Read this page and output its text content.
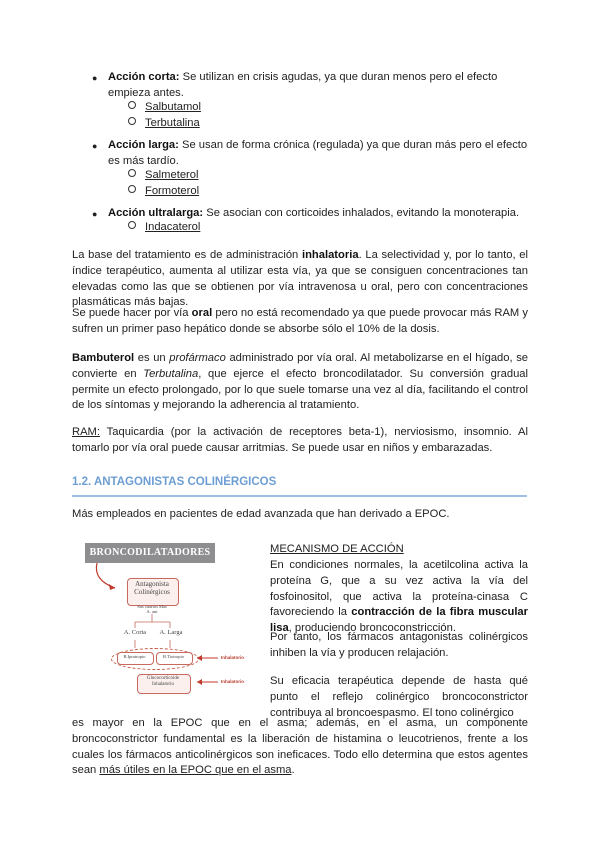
● Acción corta: Se utilizan en crisis agudas, ya que duran menos pero el efecto
empieza antes.
Salbutamol
Terbutalina
● Acción larga: Se usan de forma crónica (regulada) ya que duran más pero el efecto
es más tardío.
Salmeterol
Formoterol
● Acción ultralarga: Se asocian con corticoides inhalados, evitando la monoterapia.
Indacaterol

La base del tratamiento es de administración inhalatoria. La selectividad y, por lo tanto, el índice terapéutico, aumenta al utilizar esta vía, ya que se consiguen concentraciones tan elevadas como las que se obtienen por vía intravenosa u oral, pero con concentraciones plasmáticas más bajas.

Se puede hacer por vía oral pero no está recomendado ya que puede provocar más RAM y sufren un primer paso hepático donde se absorbe sólo el 10% de la dosis.

Bambuterol es un profármaco administrado por vía oral. Al metabolizarse en el hígado, se convierte en Terbutalina, que ejerce el efecto broncodilatador. Su conversión gradual permite un efecto prolongado, por lo que suele tomarse una vez al día, facilitando el control de los síntomas y mejorando la adherencia al tratamiento.

RAM: Taquicardia (por la activación de receptores beta-1), nerviosismo, insomnio. Al tomarlo por vía oral puede causar arritmias. Se puede usar en niños y embarazadas.

1.2. ANTAGONISTAS COLINÉRGICOS

Más empleados en pacientes de edad avanzada que han derivado a EPOC.

BRONCODILATADORES
Antagonista
Colinérgicos
Sus cuartos Mas
A. ant
A. Corta	A. Larga
B.Ipratropio	B.Tiotropio	Inhalatorio
Glucocorticoide
Inhalatorio
Inhalatorio
MECANISMO DE ACCIÓN

En condiciones normales, la acetilcolina activa la proteína G, que a su vez activa la vía del fosfoinositol, que activa la proteína-cinasa C favoreciendo la contracción de la fibra muscular lisa, produciendo broncoconstricción.

Por tanto, los fármacos antagonistas colinérgicos inhiben la vía y producen relajación.

Su eficacia terapéutica depende de hasta qué punto el reflejo colinérgico broncoconstrictor contribuya al broncoespasmo. El tono colinérgico

es mayor en la EPOC que en el asma; además, en el asma, un componente broncoconstrictor fundamental es la liberación de histamina o leucotrienos, frente a los cuales los fármacos anticolinérgicos son ineficaces. Todo ello determina que estos agentes sean más útiles en la EPOC que en el asma.
